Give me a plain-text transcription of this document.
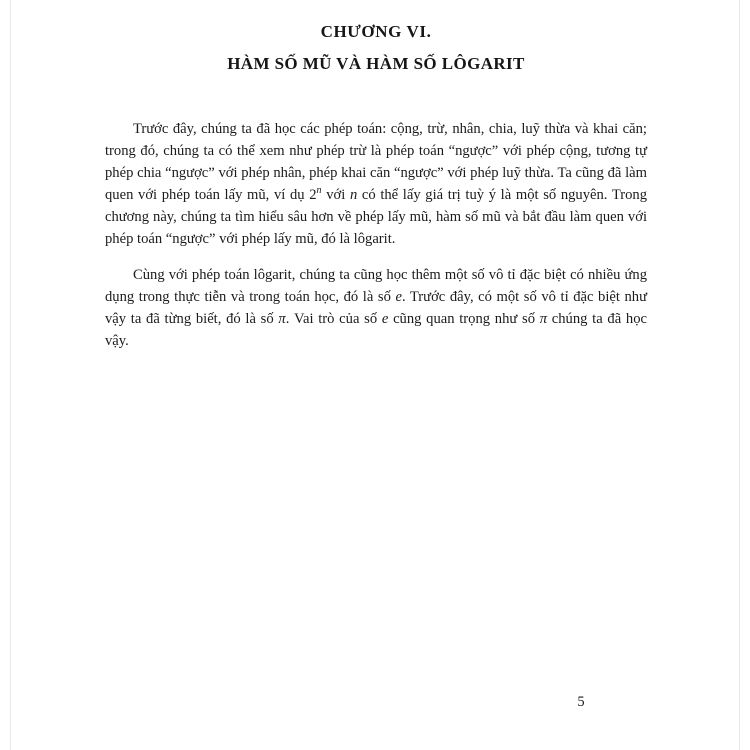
CHƯƠNG VI.
HÀM SỐ MŨ VÀ HÀM SỐ LÔGARIT

Trước đây, chúng ta đã học các phép toán: cộng, trừ, nhân, chia, luỹ thừa và khai căn; trong đó, chúng ta có thể xem như phép trừ là phép toán “ngược” với phép cộng, tương tự phép chia “ngược” với phép nhân, phép khai căn “ngược” với phép luỹ thừa. Ta cũng đã làm quen với phép toán lấy mũ, ví dụ 2$^n$ với n có thể lấy giá trị tuỳ ý là một số nguyên. Trong chương này, chúng ta tìm hiểu sâu hơn về phép lấy mũ, hàm số mũ và bắt đầu làm quen với phép toán “ngược” với phép lấy mũ, đó là lôgarit.

Cùng với phép toán lôgarit, chúng ta cũng học thêm một số vô tỉ đặc biệt có nhiều ứng dụng trong thực tiễn và trong toán học, đó là số e. Trước đây, có một số vô tỉ đặc biệt như vậy ta đã từng biết, đó là số π. Vai trò của số e cũng quan trọng như số π chúng ta đã học vậy.

5
